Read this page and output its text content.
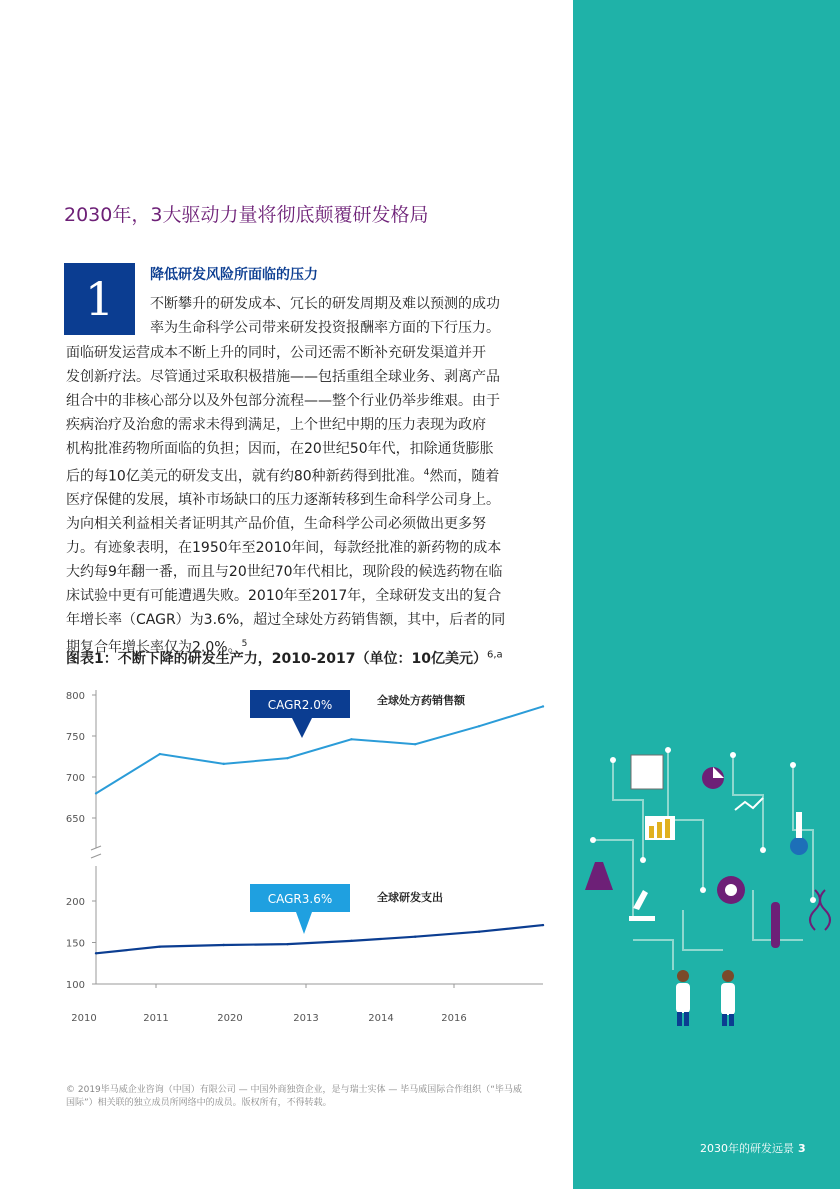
2030年，3大驱动力量将彻底颠覆研发格局
1	降低研发风险所面临的压力
不断攀升的研发成本、冗长的研发周期及难以预测的成功
率为生命科学公司带来研发投资报酬率方面的下行压力。
面临研发运营成本不断上升的同时，公司还需不断补充研发渠道并开
发创新疗法。尽管通过采取积极措施——包括重组全球业务、剥离产品
组合中的非核心部分以及外包部分流程——整个行业仍举步维艰。由于
疾病治疗及治愈的需求未得到满足，上个世纪中期的压力表现为政府
机构批准药物所面临的负担；因而，在20世纪50年代，扣除通货膨胀
后的每10亿美元的研发支出，就有约80种新药得到批准。$^4$然而，随着
医疗保健的发展，填补市场缺口的压力逐渐转移到生命科学公司身上。
为向相关利益相关者证明其产品价值，生命科学公司必须做出更多努
力。有迹象表明，在1950年至2010年间，每款经批准的新药物的成本
大约每9年翻一番，而且与20世纪70年代相比，现阶段的候选药物在临
床试验中更有可能遭遇失败。2010年至2017年，全球研发支出的复合
年增长率（CAGR）为3.6%，超过全球处方药销售额，其中，后者的同
期复合年增长率仅为2.0%。$^5$
图表1：不断下降的研发生产力，2010-2017（单位：10亿美元）$^{6,a}$
800
750
700
650
200
150
100
2010	2011	2020	2013	2014	2016
CAGR2.0%
CAGR3.6%
全球处方药销售额
全球研发支出
© 2019毕马威企业咨询（中国）有限公司 — 中国外商独资企业，是与瑞士实体 — 毕马威国际合作组织（“毕马威
国际”）相关联的独立成员所网络中的成员。版权所有，不得转载。
2030年的研发远景 3
